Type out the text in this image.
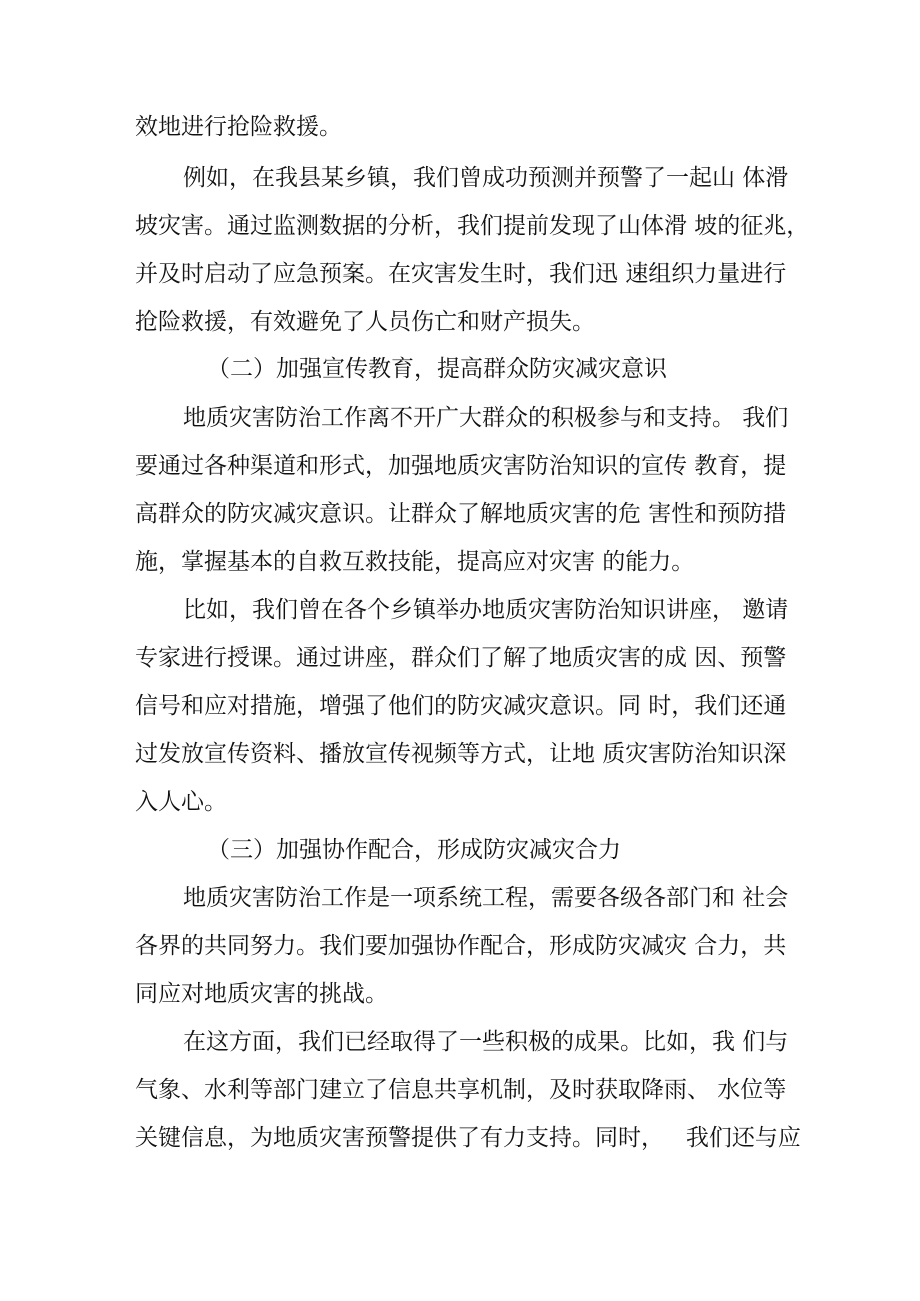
效地进行抢险救援。
例如，在我县某乡镇，我们曾成功预测并预警了一起山 体滑
坡灾害。通过监测数据的分析，我们提前发现了山体滑 坡的征兆，
并及时启动了应急预案。在灾害发生时，我们迅 速组织力量进行
抢险救援，有效避免了人员伤亡和财产损失。
（二）加强宣传教育，提高群众防灾减灾意识
地质灾害防治工作离不开广大群众的积极参与和支持。 我们
要通过各种渠道和形式，加强地质灾害防治知识的宣传 教育，提
高群众的防灾减灾意识。让群众了解地质灾害的危 害性和预防措
施，掌握基本的自救互救技能，提高应对灾害 的能力。
比如，我们曾在各个乡镇举办地质灾害防治知识讲座， 邀请
专家进行授课。通过讲座，群众们了解了地质灾害的成 因、预警
信号和应对措施，增强了他们的防灾减灾意识。同 时，我们还通
过发放宣传资料、播放宣传视频等方式，让地 质灾害防治知识深
入人心。
（三）加强协作配合，形成防灾减灾合力
地质灾害防治工作是一项系统工程，需要各级各部门和 社会
各界的共同努力。我们要加强协作配合，形成防灾减灾 合力，共
同应对地质灾害的挑战。
在这方面，我们已经取得了一些积极的成果。比如，我 们与
气象、水利等部门建立了信息共享机制，及时获取降雨、 水位等
关键信息，为地质灾害预警提供了有力支持。同时，   我们还与应
